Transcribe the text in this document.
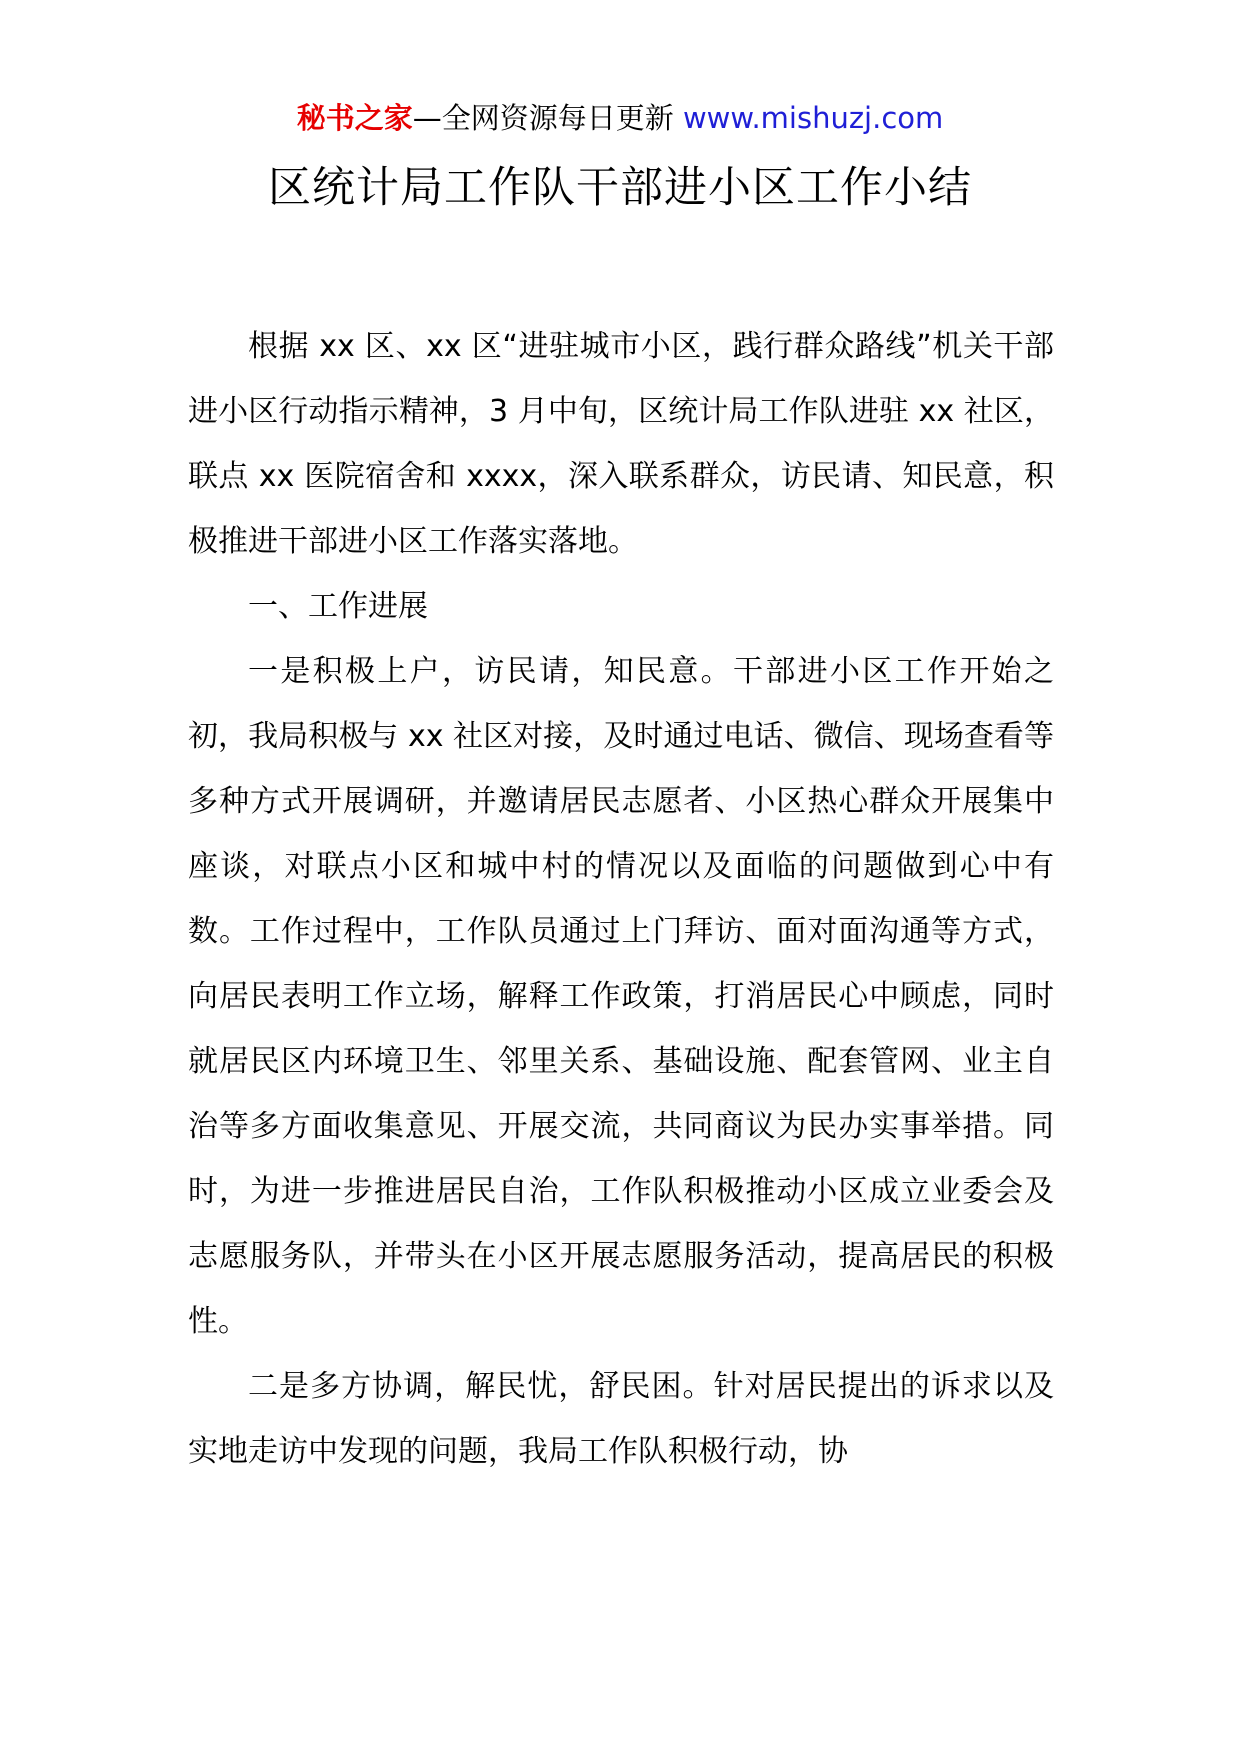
秘书之家—全网资源每日更新 www.mishuzj.com
区统计局工作队干部进小区工作小结

根据 xx 区、xx 区“进驻城市小区，践行群众路线”机关干部进小区行动指示精神，3 月中旬，区统计局工作队进驻 xx 社区，联点 xx 医院宿舍和 xxxx，深入联系群众，访民请、知民意，积极推进干部进小区工作落实落地。

一、工作进展

一是积极上户，访民请，知民意。干部进小区工作开始之初，我局积极与 xx 社区对接，及时通过电话、微信、现场查看等多种方式开展调研，并邀请居民志愿者、小区热心群众开展集中座谈，对联点小区和城中村的情况以及面临的问题做到心中有数。工作过程中，工作队员通过上门拜访、面对面沟通等方式，向居民表明工作立场，解释工作政策，打消居民心中顾虑，同时就居民区内环境卫生、邻里关系、基础设施、配套管网、业主自治等多方面收集意见、开展交流，共同商议为民办实事举措。同时，为进一步推进居民自治，工作队积极推动小区成立业委会及志愿服务队，并带头在小区开展志愿服务活动，提高居民的积极性。

二是多方协调，解民忧，舒民困。针对居民提出的诉求以及实地走访中发现的问题，我局工作队积极行动，协
